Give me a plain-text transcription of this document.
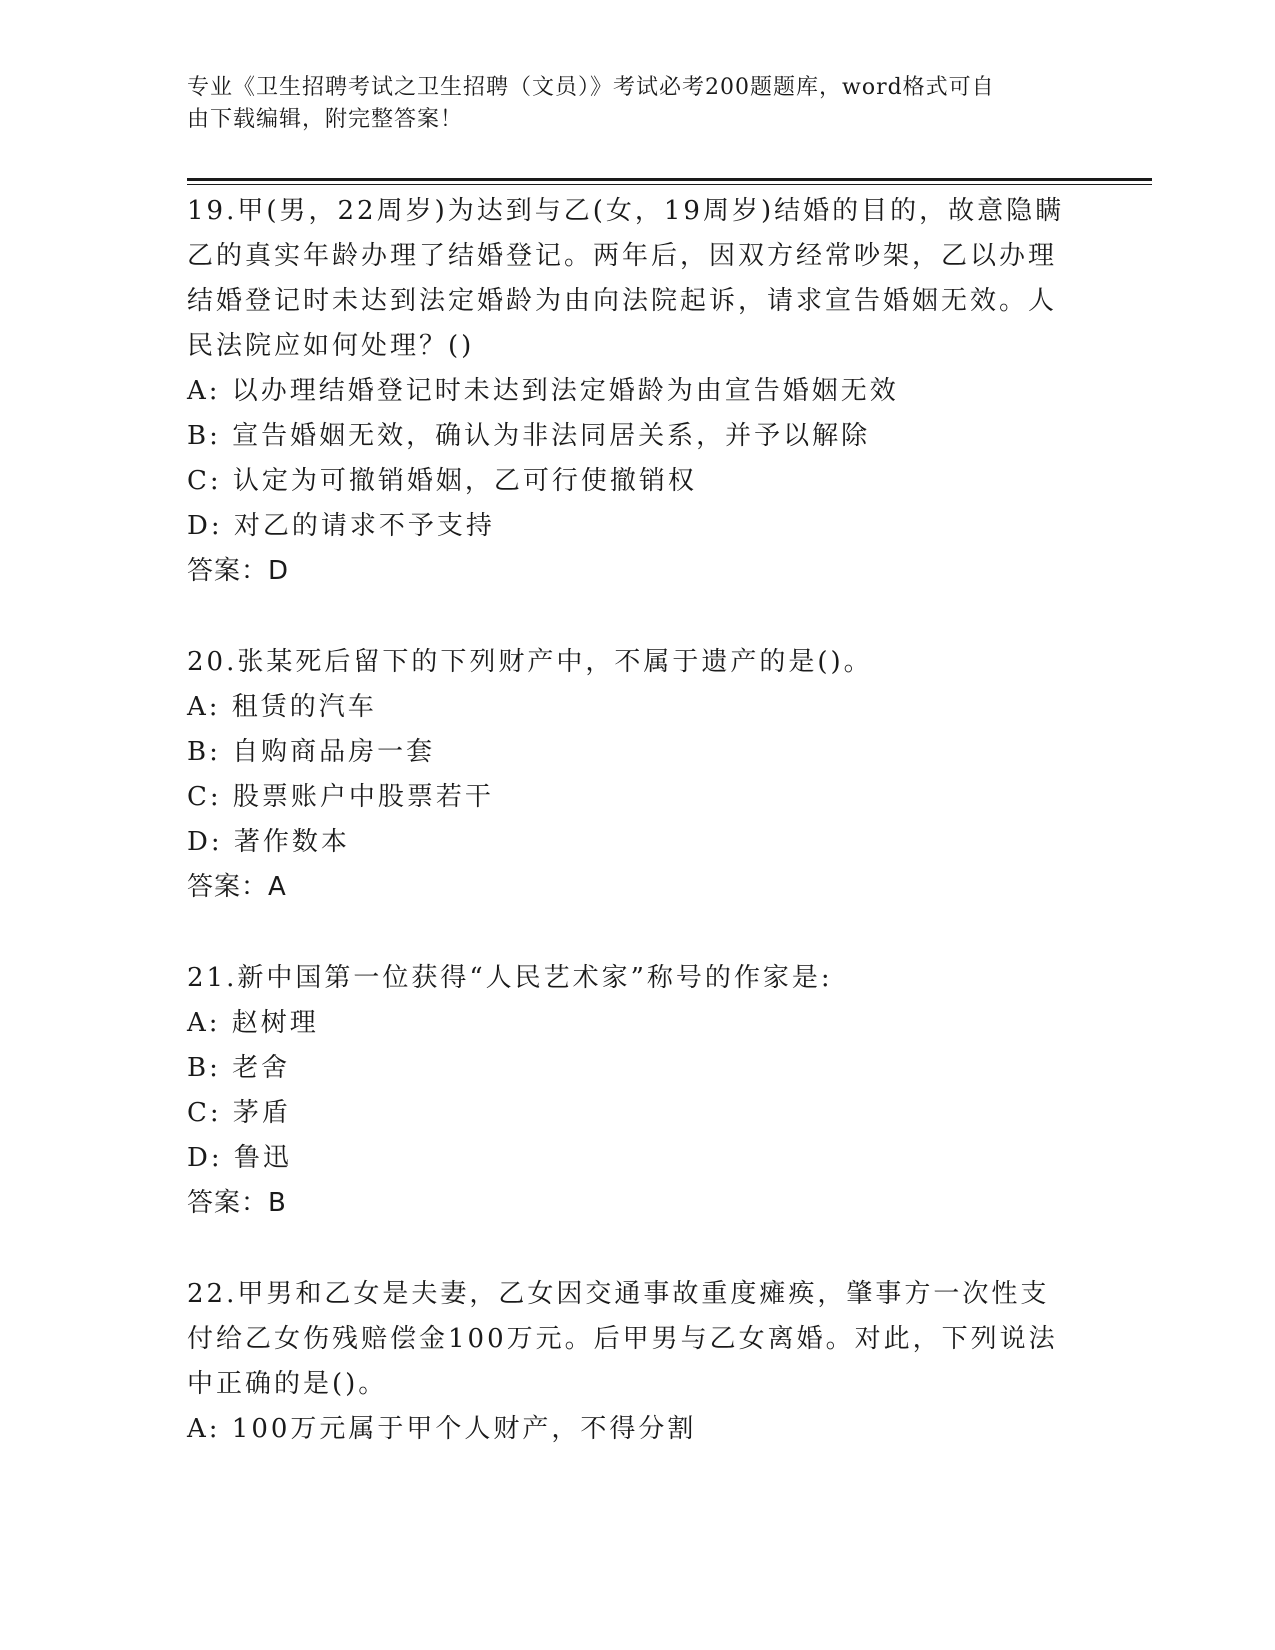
专业《卫生招聘考试之卫生招聘（文员）》考试必考200题题库，word格式可自
由下载编辑，附完整答案！
19.甲(男，22周岁)为达到与乙(女，19周岁)结婚的目的，故意隐瞒乙的真实年龄办理了结婚登记。两年后，因双方经常吵架，乙以办理结婚登记时未达到法定婚龄为由向法院起诉，请求宣告婚姻无效。人民法院应如何处理？()
A: 以办理结婚登记时未达到法定婚龄为由宣告婚姻无效
B: 宣告婚姻无效，确认为非法同居关系，并予以解除
C: 认定为可撤销婚姻，乙可行使撤销权
D: 对乙的请求不予支持
答案：D
20.张某死后留下的下列财产中，不属于遗产的是()。
A: 租赁的汽车
B: 自购商品房一套
C: 股票账户中股票若干
D: 著作数本
答案：A
21.新中国第一位获得“人民艺术家”称号的作家是:
A: 赵树理
B: 老舍
C: 茅盾
D: 鲁迅
答案：B
22.甲男和乙女是夫妻，乙女因交通事故重度瘫痪，肇事方一次性支付给乙女伤残赔偿金100万元。后甲男与乙女离婚。对此，下列说法中正确的是()。
A: 100万元属于甲个人财产，不得分割
